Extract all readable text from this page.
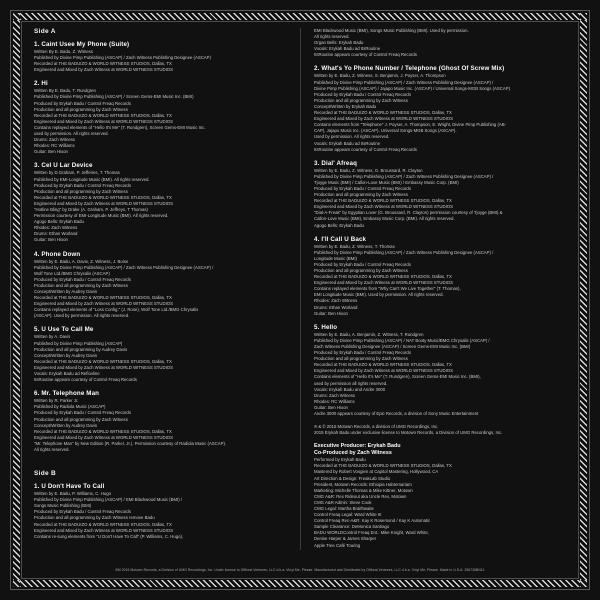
Side A
1. Caint Usee My Phone (Suite)
Written By E. Badu, Z. Witness
Published by Divine Pimp Publishing (ASCAP) / Zach Witness Publishing Designee (ASCAP)
Recorded at THE BADUIZO & WORLD WITNESS STUDIOS, Dallas, TX
Engineered and Mixed by Zach Witness at WORLD WITNESS STUDIOS
2. Hi
Written By E. Badu, T. Rundgren
Published by Divine Pimp Publishing (ASCAP) / Screen Gems-EMI Music Inc. (BMI)
Produced by Erykah Badu / Control Freaq Records
Production and all programming by Zach Witness
Recorded at THE BADUIZO & WORLD WITNESS STUDIOS, Dallas, TX
Engineered and Mixed by Zach Witness at WORLD WITNESS STUDIOS
Contains replayed elements of "Hello It's Me" (T. Rundgren), Screen Gems-EMI Music Inc.
used by permission. All rights reserved.
Drums: Zach Witness
Rhodes: RC Williams
Guitar: Ben Hixon
3. Cel U Lar Device
Written by D.Graham, P. Jefferies, T. Thomas
Published by EMI-Longitude Music (BMI). All rights reserved.
Produced by Erykah Badu / Control Freaq Records
Production and all programming by Zach Witness
Recorded at THE BADUIZO & WORLD WITNESS STUDIOS, Dallas, TX
Engineered and Mixed by Zach Witness at WORLD WITNESS STUDIOS
"Hotline Bling" by Drake (A. Graham, P. Jeffreys, T Thomas)
Permission courtesy of EMI-Longitude Music (BMI). All rights reserved.
Agogo Bells: Erykah Badu
Rhodes: Zach Witness
Drums: Ethan Worland
Guitar: Ben Hixon
4. Phone Down
Written by E. Badu, A. Davis, Z. Witness, J. Boise
Published by Divine Pimp Publishing (ASCAP) / Zach Witness Publishing Designee (ASCAP) /
Wolf Tone Ltd./BMG Chrysalis (ASCAP)
Produced by Erykah Badu / Control Freaq Records
Production and all programming by Zach Witness
Concept/Written by Audrey Davis
Recorded at THE BADUIZO & WORLD WITNESS STUDIOS, Dallas, TX
Engineered and Mixed by Zach Witness at WORLD WITNESS STUDIOS
Contains replayed elements of "Loss Config." (J. Rose), Wolf Tone Ltd./BMG Chrysalis
(ASCAP). Used by permission. All rights reserved.
5. U Use To Call Me
Written by A. Davis
Published by Divine Pimp Publishing (ASCAP)
Production and all programming by Audrey Davis
Concept/Written by Audrey Davis
Recorded at THE BADUIZO & WORLD WITNESS STUDIOS, Dallas, TX
Engineered and Mixed by Zach Witness at WORLD WITNESS STUDIOS
Vocals: Erykah Badu ad Reflovline
ItsRoutine appears courtesy of Control Freaq Records
6. Mr. Telephone Man
Written by R. Parker Jr.
Published by Radiola Music (ASCAP)
Produced by Erykah Badu / Control Freaq Records
Production and all programming by Zach Witness
Concept/Written by Audrey Davis
Recorded at THE BADUIZO & WORLD WITNESS STUDIOS, Dallas, TX
Engineered and Mixed by Zach Witness at WORLD WITNESS STUDIOS
"Mr. Telephone Man" by New Edition (R. Parker, Jr.). Permission courtesy of Radiola Music (ASCAP).
All rights reserved.
Side B
1. U Don't Have To Call
Written by E. Badu, P. Williams, C. Hugo
Published by Divine Pimp Publishing (ASCAP) / EMI Blackwood Music (BMI) /
Songs Music Publishing (BMI)
Produced by Erykah Badu / Control Freaq Records
Production and all programming by Zach Witness remove Badu
Recorded at THE BADUIZO & WORLD WITNESS STUDIOS, Dallas, TX
Engineered and Mixed by Zach Witness at WORLD WITNESS STUDIOS
Contains re-sung elements from "U Don't Have To Call" (P. Williams, C. Hugo),
EMI Blackwood Music (BMI), Songs Music Publishing (BMI). Used by permission.
All rights reserved.
Organ Bells: Erykah Badu
Vocals: Erykah Badu ad ItsRoutine
ItsRoutine appears courtesy of Control Freaq Records
2. What's Yo Phone Number / Telephone (Ghost Of Screw Mix)
Written by E. Badu, Z. Witness, S. Benjamin, J. Poyser, A. Thompson
Published by Divine Pimp Publishing (ASCAP) / Zach Witness Publishing Designee (ASCAP) /
Divine Pimp Publishing (ASCAP) / Jajapo Music Inc. (ASCAP) / Universal Songs-MGB Songs (ASCAP)
Produced by Erykah Badu / Control Freaq Records
Production and all programming by Zach Witness
Concept/Written by Erykah Badu
Recorded at THE BADUIZO & WORLD WITNESS STUDIOS, Dallas, TX
Engineered and Mixed by Zach Witness at WORLD WITNESS STUDIOS
Contains elements from "Telephone" J. Poyser, A. Thompson, E. Wright, Divine Pimp Publishing (AB-
CAP), Jajapo Music Inc. (ASCAP), Universal Songs-MGB Songs (ASCAP).
Used by permission. All rights reserved.
Vocals: Erykah Badu ad ItsRoutine
ItsRoutine appears courtesy of Control Freaq Records
3. Dial' Afreaq
Written by E. Badu, Z. Witness, G. Broussard, R. Clayton
Published by Divine Pimp Publishing (ASCAP) / Zach Witness Publishing Designee (ASCAP) /
Tjoyge Music (BMI) / Callon-Love Music (BMI) / Embassy Music Corp. (BMI)
Produced by Erykah Badu / Control Freaq Records
Production and all programming by Zach Witness
Recorded at THE BADUIZO & WORLD WITNESS STUDIOS, Dallas, TX
Engineered and Mixed by Zach Witness at WORLD WITNESS STUDIOS
"Dial-A-Freak" by Egyptian Lover (G. Broussard, R. Clayton) permission courtesy of Tjoyge (BMI) &
Callon-Love Music (BMI), Embassy Music Corp. (BMI). All rights reserved.
Agogo Bells: Erykah Badu
4. I'll Call U Back
Written by E. Badu, Z. Witness, T. Thomas
Published by Divine Pimp Publishing (ASCAP) / Zach Witness Publishing Designee (ASCAP) /
Longitude Music (BMI)
Produced by Erykah Badu / Control Freaq Records
Production and all programming by Zach Witness
Recorded at THE BADUIZO & WORLD WITNESS STUDIOS, Dallas, TX
Engineered and Mixed by Zach Witness at WORLD WITNESS STUDIOS
Contains replayed elements from "Why Can't We Live Together" (T. Thomas),
EMI Longitude Music (BMI). Used by permission. All rights reserved.
Rhodes: Zach Witness
Drums: Ethan Worland
Guitar: Ben Hixon
5. Hello
Written by E. Badu, A. Benjamin, Z. Witness, T. Rundgren
Published by Divine Pimp Publishing (ASCAP) / NAT Booty Music/BMG Chrysalis (ASCAP) /
Zach Witness Publishing Designee (ASCAP) / Screen Gems-EMI Music Inc. (BMI)
Produced by Erykah Badu / Control Freaq Records
Production and all programming by Zach Witness
Recorded at THE BADUIZO & WORLD WITNESS STUDIOS, Dallas, TX
Engineered and Mixed by Zach Witness at WORLD WITNESS STUDIOS
Contains elements of "Hello It's Me" (T. Rundgren), Screen Gems-EMI Music Inc. (BMI),
used by permission all rights reserved.
Vocals: Erykah Badu and Andre 3000
Drums: Zach Witness
Rhodes: RC Williams
Guitar: Ben Hixon
Andre 3000 appears courtesy of Epic Records, a division of Sony Music Entertainment
℗ & © 2015 Motown Records, a division of UMG Recordings, Inc.
2015 Erykah Badu under exclusive license to Motown Records, a Division of UMG Recordings, Inc.
Executive Producer: Erykah Badu
Co-Produced by Zach Witness
Performed by Erykah Badu
Recorded at THE BADUIZO & WORLD WITNESS STUDIOS, Dallas, TX
Mastered by Robert Vosgien at Capitol Mastering, Hollywood, CA
Art Direction & Design: FreakLab Studio
President, Motown Records: Ethiopia Habtemariam
Marketing: Michelle Thomas & Mike Kittner, Motown
CMG A&R: Rex Rideout aka Uncle Rex, Motown
CMG A&R Admin: Steve Cook
CMG Legal: Martha Braithwaite
Control Freaq Legal: Ward White III
Control Freaq Rec-A&R: Kay K Rosemond / Kay K Automatic
Sample Clearance: DeMonica Santiago
BADU WORLDControl Freaq Ent.: Mike Knight, Ward White,
Denise Harper & James Sharper
Apple Tree Café Touring
BM 2016 Motown Records, a Division of UMG Recordings, Inc. Under license to Offbeat Ventures, LLC d.b.a. Vinyl Me, Please. Manufactured and Distributed by Offbeat Ventures, LLC d.b.a. Vinyl Me, Please. Made in U.S.A. 256726BN11
